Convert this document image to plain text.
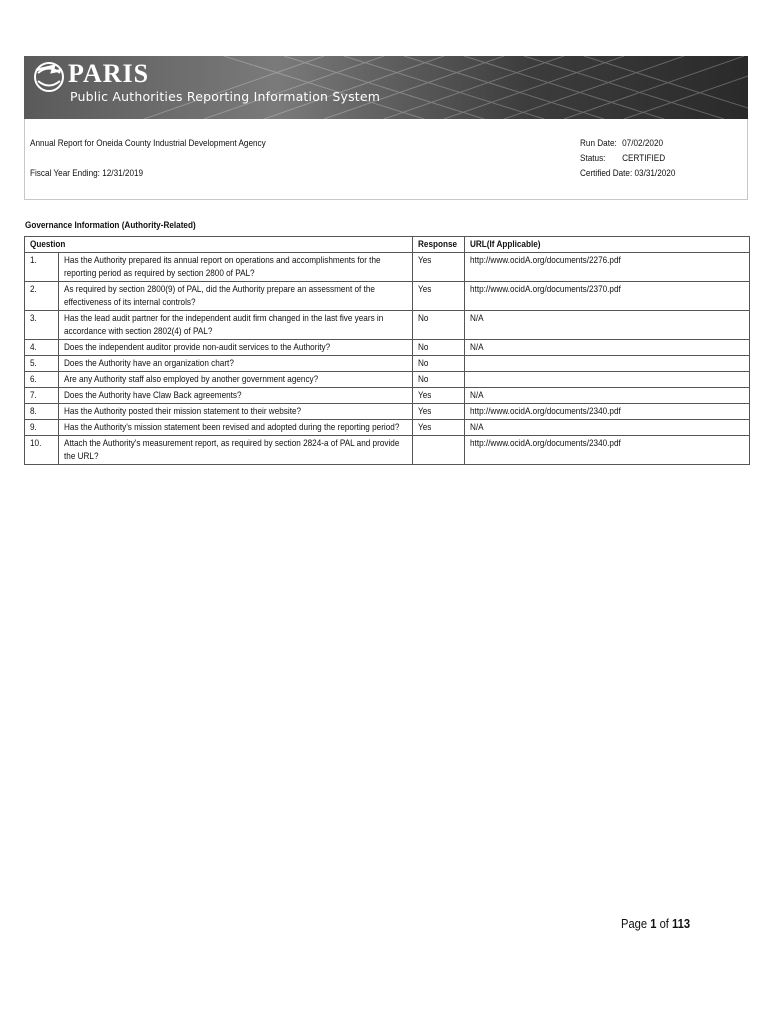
PARIS
Public Authorities Reporting Information System
Annual Report for Oneida County Industrial Development Agency
Fiscal Year Ending: 12/31/2019
Run Date: 07/02/2020
Status: CERTIFIED
Certified Date: 03/31/2020
Governance Information (Authority-Related)
Question		Response	URL(If Applicable)

1.	Has the Authority prepared its annual report on operations and accomplishments for the reporting period as required by section 2800 of PAL?	Yes	http://www.ocidA.org/documents/2276.pdf

2.	As required by section 2800(9) of PAL, did the Authority prepare an assessment of the effectiveness of its internal controls?	Yes	http://www.ocidA.org/documents/2370.pdf

3.	Has the lead audit partner for the independent audit firm changed in the last five years in accordance with section 2802(4) of PAL?	No	N/A

4.	Does the independent auditor provide non-audit services to the Authority?	No	N/A

5.	Does the Authority have an organization chart?	No	

6.	Are any Authority staff also employed by another government agency?	No	

7.	Does the Authority have Claw Back agreements?	Yes	N/A

8.	Has the Authority posted their mission statement to their website?	Yes	http://www.ocidA.org/documents/2340.pdf

9.	Has the Authority's mission statement been revised and adopted during the reporting period?	Yes	N/A

10.	Attach the Authority's measurement report, as required by section 2824-a of PAL and provide the URL?		http://www.ocidA.org/documents/2340.pdf
Page 1 of 113
